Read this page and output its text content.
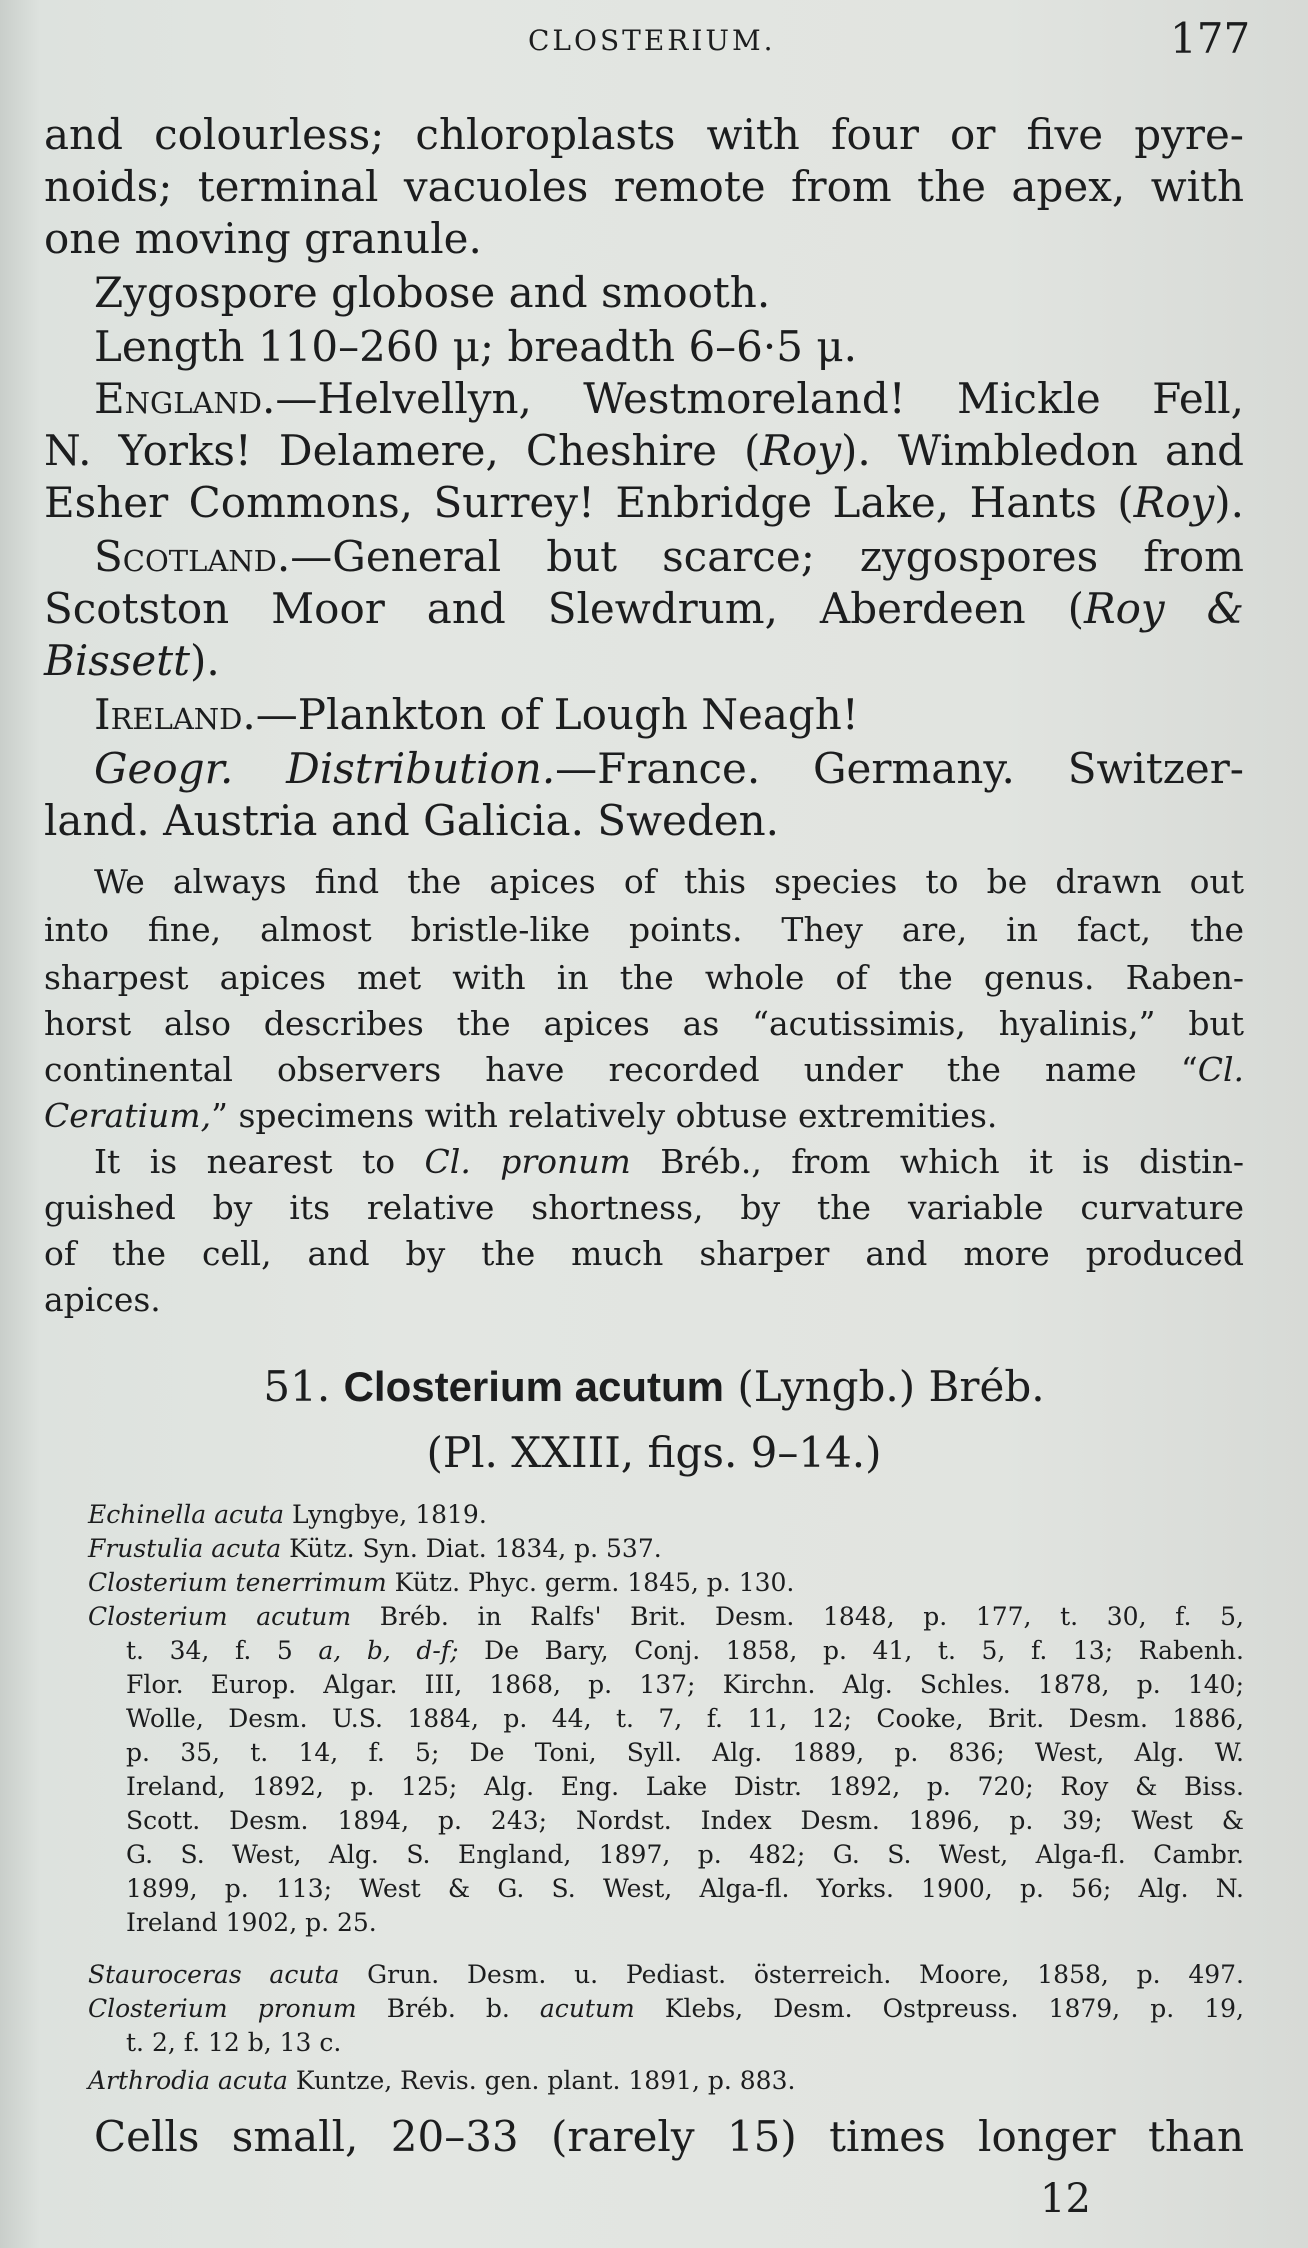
CLOSTERIUM.	177
and colourless; chloroplasts with four or five pyre-
noids; terminal vacuoles remote from the apex, with
one moving granule.
Zygospore globose and smooth.
Length 110–260 μ; breadth 6–6·5 μ.
England.—Helvellyn, Westmoreland! Mickle Fell,
N. Yorks! Delamere, Cheshire (Roy). Wimbledon and
Esher Commons, Surrey! Enbridge Lake, Hants (Roy).
Scotland.—General but scarce; zygospores from
Scotston Moor and Slewdrum, Aberdeen (Roy &
Bissett).
Ireland.—Plankton of Lough Neagh!
Geogr. Distribution.—France. Germany. Switzer-
land. Austria and Galicia. Sweden.
We always find the apices of this species to be drawn out
into fine, almost bristle-like points. They are, in fact, the
sharpest apices met with in the whole of the genus. Raben-
horst also describes the apices as “acutissimis, hyalinis,” but
continental observers have recorded under the name “Cl.
Ceratium,” specimens with relatively obtuse extremities.
It is nearest to Cl. pronum Bréb., from which it is distin-
guished by its relative shortness, by the variable curvature
of the cell, and by the much sharper and more produced
apices.
51. Closterium acutum (Lyngb.) Bréb.
(Pl. XXIII, figs. 9–14.)
Echinella acuta Lyngbye, 1819.
Frustulia acuta Kütz. Syn. Diat. 1834, p. 537.
Closterium tenerrimum Kütz. Phyc. germ. 1845, p. 130.
Closterium acutum Bréb. in Ralfs' Brit. Desm. 1848, p. 177, t. 30, f. 5,
t. 34, f. 5 a, b, d-f; De Bary, Conj. 1858, p. 41, t. 5, f. 13; Rabenh.
Flor. Europ. Algar. III, 1868, p. 137; Kirchn. Alg. Schles. 1878, p. 140;
Wolle, Desm. U.S. 1884, p. 44, t. 7, f. 11, 12; Cooke, Brit. Desm. 1886,
p. 35, t. 14, f. 5; De Toni, Syll. Alg. 1889, p. 836; West, Alg. W.
Ireland, 1892, p. 125; Alg. Eng. Lake Distr. 1892, p. 720; Roy & Biss.
Scott. Desm. 1894, p. 243; Nordst. Index Desm. 1896, p. 39; West &
G. S. West, Alg. S. England, 1897, p. 482; G. S. West, Alga-fl. Cambr.
1899, p. 113; West & G. S. West, Alga-fl. Yorks. 1900, p. 56; Alg. N.
Ireland 1902, p. 25.
Stauroceras acuta Grun. Desm. u. Pediast. österreich. Moore, 1858, p. 497.
Closterium pronum Bréb. b. acutum Klebs, Desm. Ostpreuss. 1879, p. 19,
t. 2, f. 12 b, 13 c.
Arthrodia acuta Kuntze, Revis. gen. plant. 1891, p. 883.
Cells small, 20–33 (rarely 15) times longer than
12
